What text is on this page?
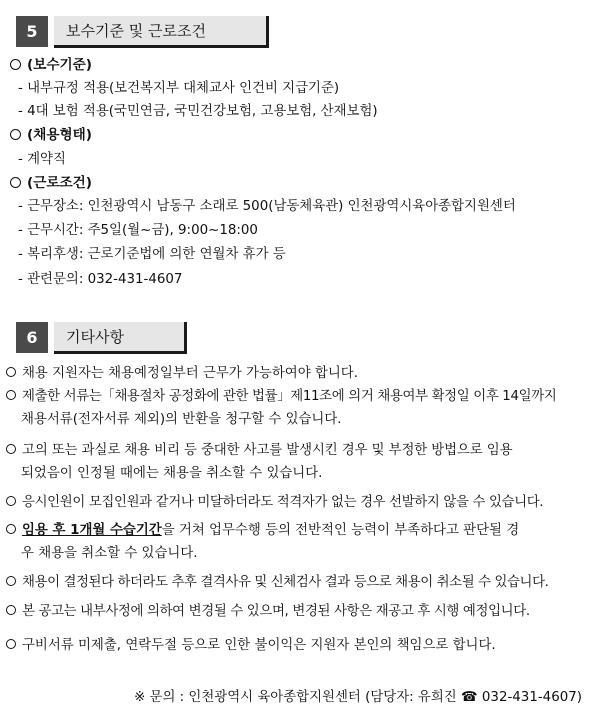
5	보수기준 및 근로조건
(보수기준)
- 내부규정 적용(보건복지부 대체교사 인건비 지급기준)
- 4대 보험 적용(국민연금, 국민건강보험, 고용보험, 산재보험)
(채용형태)
- 계약직
(근로조건)
- 근무장소: 인천광역시 남동구 소래로 500(남동체육관) 인천광역시육아종합지원센터
- 근무시간: 주5일(월~금), 9:00~18:00
- 복리후생: 근로기준법에 의한 연월차 휴가 등
- 관련문의: 032-431-4607
6	기타사항
채용 지원자는 채용예정일부터 근무가 가능하여야 합니다.
제출한 서류는「채용절차 공정화에 관한 법률」제11조에 의거 채용여부 확정일 이후 14일까지
채용서류(전자서류 제외)의 반환을 청구할 수 있습니다.
고의 또는 과실로 채용 비리 등 중대한 사고를 발생시킨 경우 및 부정한 방법으로 임용
되었음이 인정될 때에는 채용을 취소할 수 있습니다.
응시인원이 모집인원과 같거나 미달하더라도 적격자가 없는 경우 선발하지 않을 수 있습니다.
임용 후 1개월 수습기간을 거쳐 업무수행 등의 전반적인 능력이 부족하다고 판단될 경
우 채용을 취소할 수 있습니다.
채용이 결정된다 하더라도 추후 결격사유 및 신체검사 결과 등으로 채용이 취소될 수 있습니다.
본 공고는 내부사정에 의하여 변경될 수 있으며, 변경된 사항은 재공고 후 시행 예정입니다.
구비서류 미제출, 연락두절 등으로 인한 불이익은 지원자 본인의 책임으로 합니다.
※ 문의 : 인천광역시 육아종합지원센터 (담당자: 유희진 ☎ 032-431-4607)
